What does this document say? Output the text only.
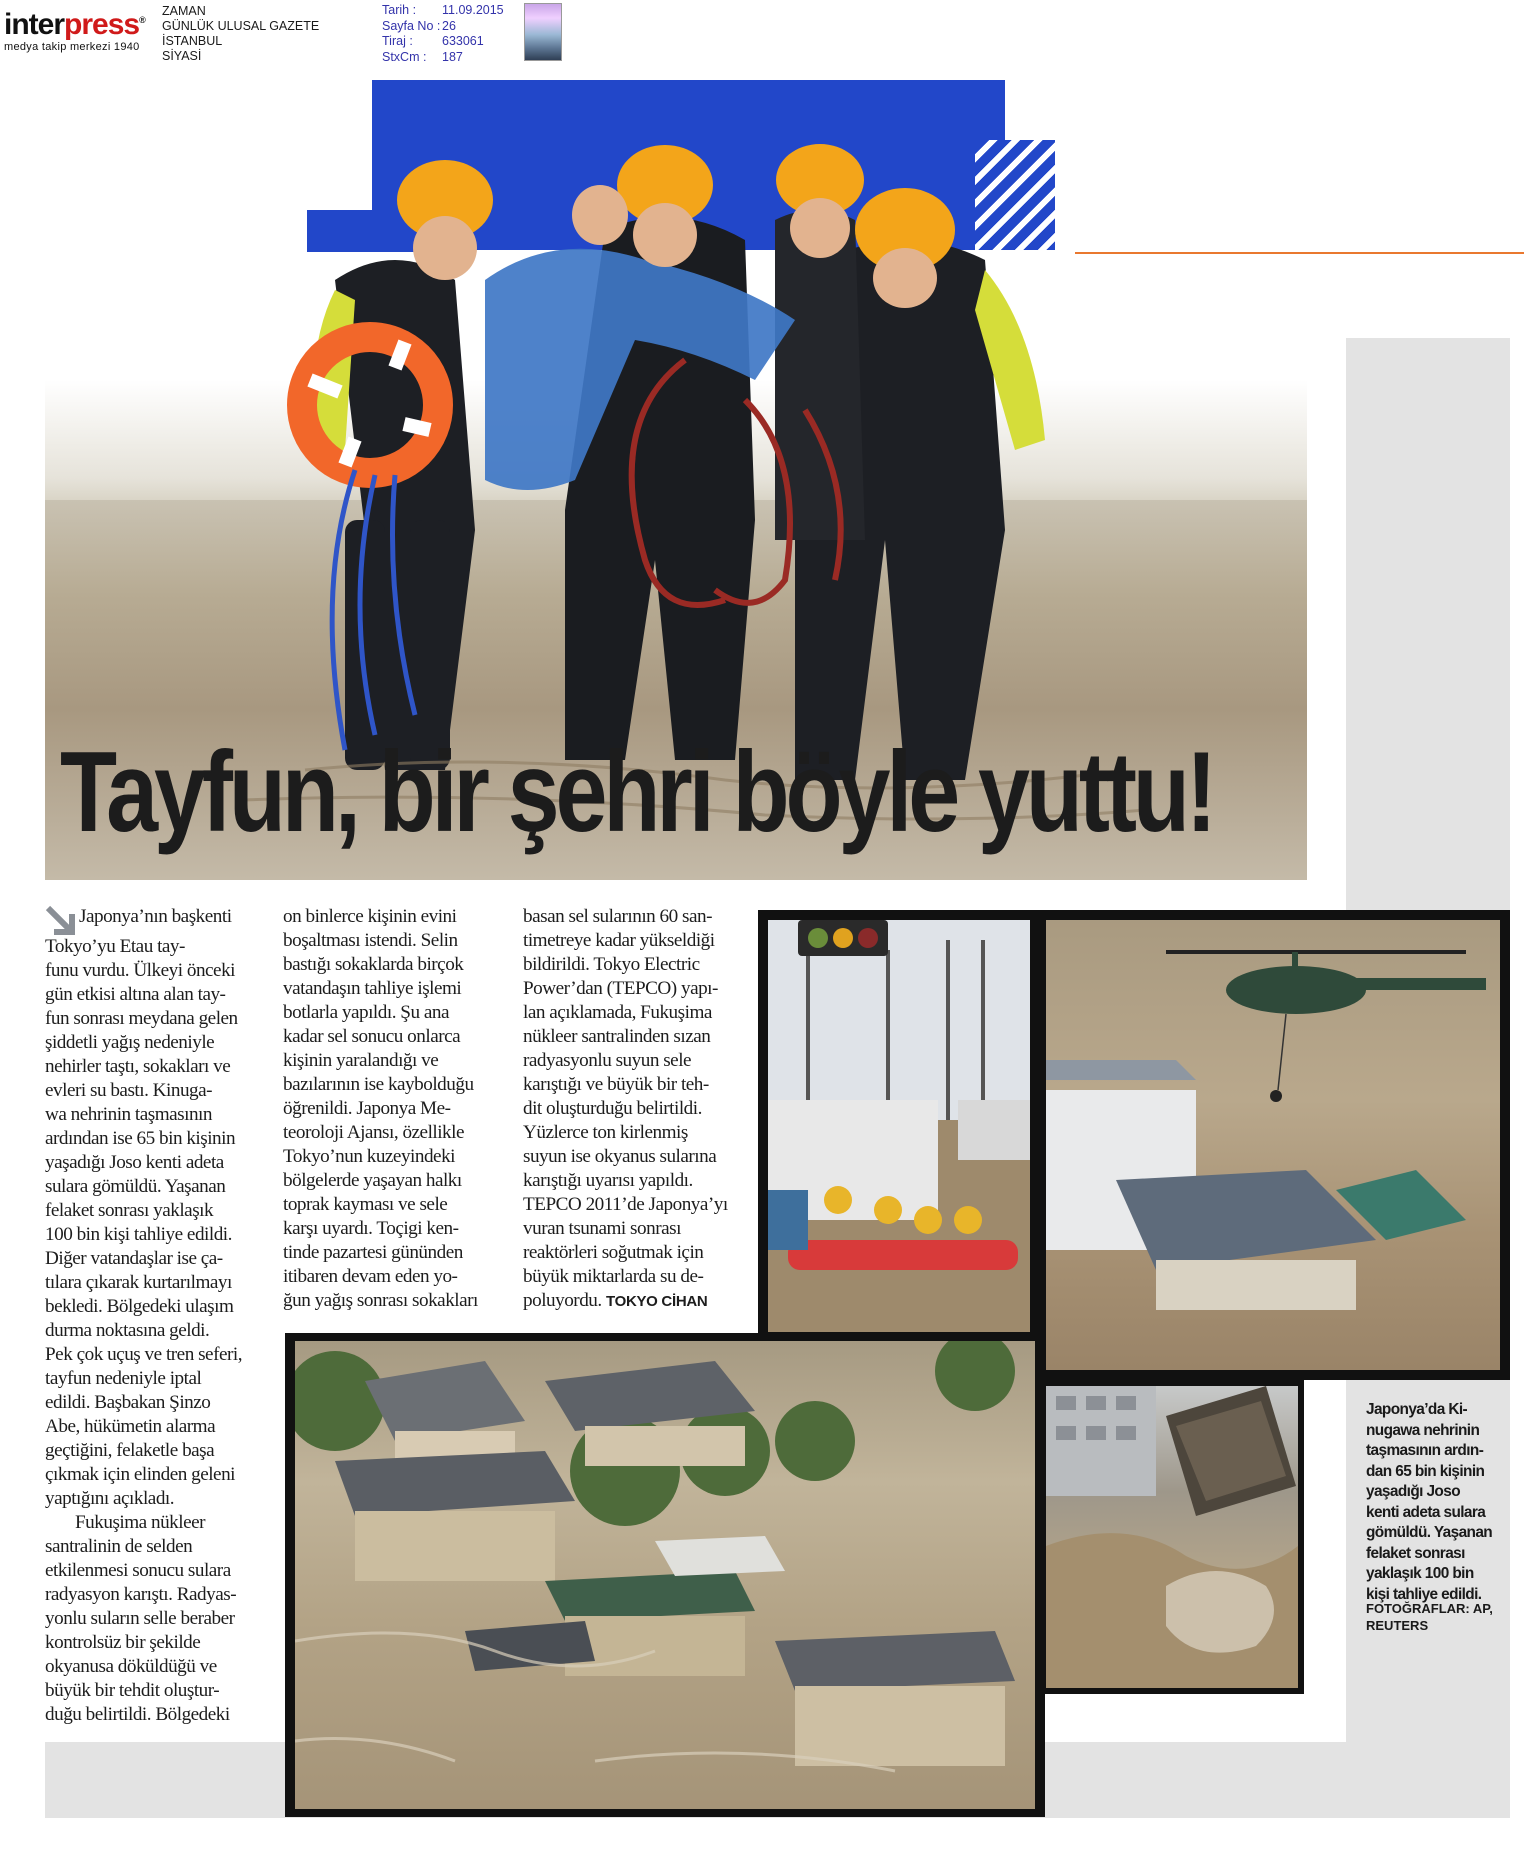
interpress®
medya takip merkezi 1940
ZAMAN
GÜNLÜK ULUSAL GAZETE
İSTANBUL
SİYASİ
Tarih :	11.09.2015
Sayfa No : 26
Tiraj :	633061
StxCm :	187
Tayfun, bir şehri böyle yuttu!

Japonya’nın başkenti
Tokyo’yu Etau tay-
funu vurdu. Ülkeyi önceki
gün etkisi altına alan tay-
fun sonrası meydana gelen
şiddetli yağış nedeniyle
nehirler taştı, sokakları ve
evleri su bastı. Kinuga-
wa nehrinin taşmasının
ardından ise 65 bin kişinin
yaşadığı Joso kenti adeta
sulara gömüldü. Yaşanan
felaket sonrası yaklaşık
100 bin kişi tahliye edildi.
Diğer vatandaşlar ise ça-
tılara çıkarak kurtarılmayı
bekledi. Bölgedeki ulaşım
durma noktasına geldi.
Pek çok uçuş ve tren seferi,
tayfun nedeniyle iptal
edildi. Başbakan Şinzo
Abe, hükümetin alarma
geçtiğini, felaketle başa
çıkmak için elinden geleni
yaptığını açıkladı.

Fukuşima nükleer
santralinin de selden
etkilenmesi sonucu sulara
radyasyon karıştı. Radyas-
yonlu suların selle beraber
kontrolsüz bir şekilde
okyanusa döküldüğü ve
büyük bir tehdit oluştur-
duğu belirtildi. Bölgedeki

on binlerce kişinin evini
boşaltması istendi. Selin
bastığı sokaklarda birçok
vatandaşın tahliye işlemi
botlarla yapıldı. Şu ana
kadar sel sonucu onlarca
kişinin yaralandığı ve
bazılarının ise kaybolduğu
öğrenildi. Japonya Me-
teoroloji Ajansı, özellikle
Tokyo’nun kuzeyindeki
bölgelerde yaşayan halkı
toprak kayması ve sele
karşı uyardı. Toçigi ken-
tinde pazartesi gününden
itibaren devam eden yo-
ğun yağış sonrası sokakları

basan sel sularının 60 san-
timetreye kadar yükseldiği
bildirildi. Tokyo Electric
Power’dan (TEPCO) yapı-
lan açıklamada, Fukuşima
nükleer santralinden sızan
radyasyonlu suyun sele
karıştığı ve büyük bir teh-
dit oluşturduğu belirtildi.
Yüzlerce ton kirlenmiş
suyun ise okyanus sularına
karıştığı uyarısı yapıldı.
TEPCO 2011’de Japonya’yı
vuran tsunami sonrası
reaktörleri soğutmak için
büyük miktarlarda su de-
poluyordu. TOKYO CİHAN

Japonya’da Ki-
nugawa nehrinin
taşmasının ardın-
dan 65 bin kişinin
yaşadığı Joso
kenti adeta sulara
gömüldü. Yaşanan
felaket sonrası
yaklaşık 100 bin
kişi tahliye edildi.
FOTOĞRAFLAR: AP,
REUTERS
